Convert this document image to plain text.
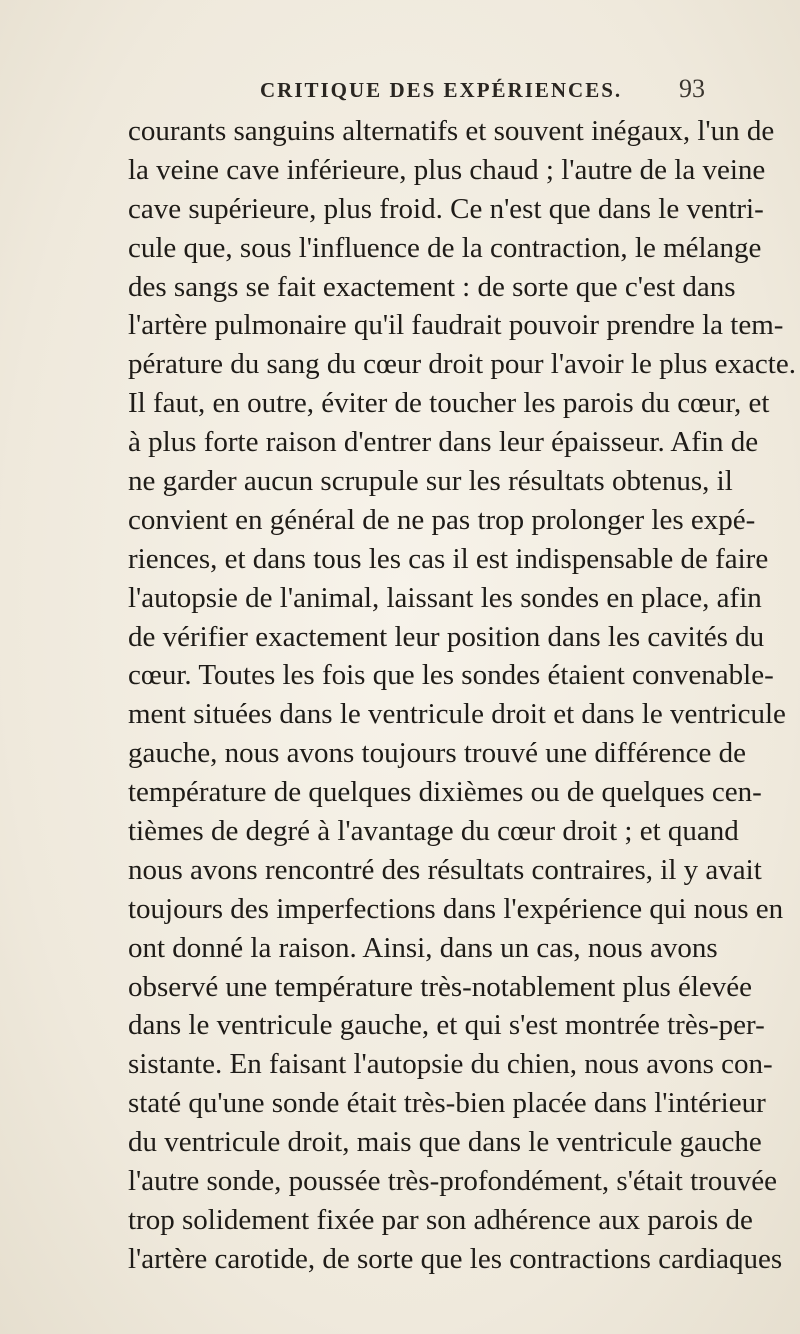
CRITIQUE DES EXPÉRIENCES. 93
courants sanguins alternatifs et souvent inégaux, l'un de
la veine cave inférieure, plus chaud ; l'autre de la veine
cave supérieure, plus froid. Ce n'est que dans le ventri-
cule que, sous l'influence de la contraction, le mélange
des sangs se fait exactement : de sorte que c'est dans
l'artère pulmonaire qu'il faudrait pouvoir prendre la tem-
pérature du sang du cœur droit pour l'avoir le plus exacte.
Il faut, en outre, éviter de toucher les parois du cœur, et
à plus forte raison d'entrer dans leur épaisseur. Afin de
ne garder aucun scrupule sur les résultats obtenus, il
convient en général de ne pas trop prolonger les expé-
riences, et dans tous les cas il est indispensable de faire
l'autopsie de l'animal, laissant les sondes en place, afin
de vérifier exactement leur position dans les cavités du
cœur. Toutes les fois que les sondes étaient convenable-
ment situées dans le ventricule droit et dans le ventricule
gauche, nous avons toujours trouvé une différence de
température de quelques dixièmes ou de quelques cen-
tièmes de degré à l'avantage du cœur droit ; et quand
nous avons rencontré des résultats contraires, il y avait
toujours des imperfections dans l'expérience qui nous en
ont donné la raison. Ainsi, dans un cas, nous avons
observé une température très-notablement plus élevée
dans le ventricule gauche, et qui s'est montrée très-per-
sistante. En faisant l'autopsie du chien, nous avons con-
staté qu'une sonde était très-bien placée dans l'intérieur
du ventricule droit, mais que dans le ventricule gauche
l'autre sonde, poussée très-profondément, s'était trouvée
trop solidement fixée par son adhérence aux parois de
l'artère carotide, de sorte que les contractions cardiaques
